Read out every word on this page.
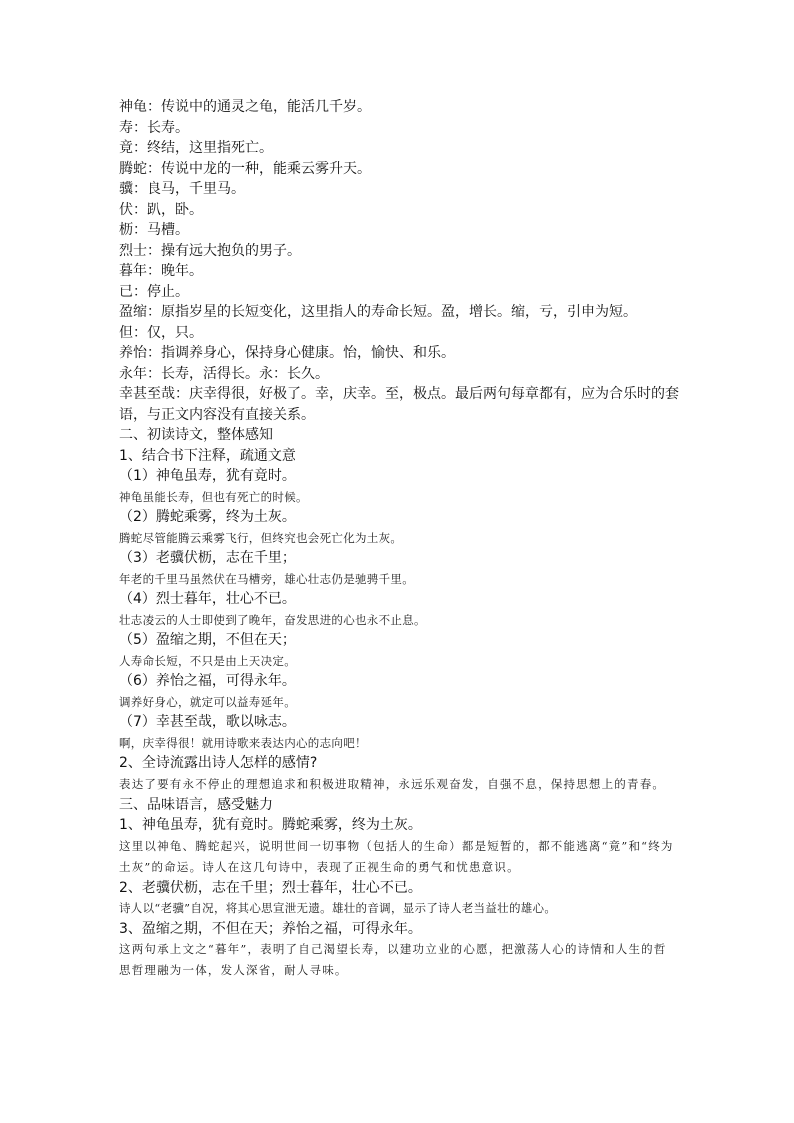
神龟：传说中的通灵之龟，能活几千岁。
寿：长寿。
竟：终结，这里指死亡。
腾蛇：传说中龙的一种，能乘云雾升天。
骥：良马，千里马。
伏：趴，卧。
枥：马槽。
烈士：操有远大抱负的男子。
暮年：晚年。
已：停止。
盈缩：原指岁星的长短变化，这里指人的寿命长短。盈，增长。缩，亏，引申为短。
但：仅，只。
养怡：指调养身心，保持身心健康。怡，愉快、和乐。
永年：长寿，活得长。永：长久。
幸甚至哉：庆幸得很，好极了。幸，庆幸。至，极点。最后两句每章都有，应为合乐时的套语，与正文内容没有直接关系。
二、初读诗文，整体感知
1、结合书下注释，疏通文意
（1）神龟虽寿，犹有竟时。
神龟虽能长寿，但也有死亡的时候。
（2）腾蛇乘雾，终为土灰。
腾蛇尽管能腾云乘雾飞行，但终究也会死亡化为土灰。
（3）老骥伏枥，志在千里；
年老的千里马虽然伏在马槽旁，雄心壮志仍是驰骋千里。
（4）烈士暮年，壮心不已。
壮志凌云的人士即使到了晚年，奋发思进的心也永不止息。
（5）盈缩之期，不但在天；
人寿命长短，不只是由上天决定。
（6）养怡之福，可得永年。
调养好身心，就定可以益寿延年。
（7）幸甚至哉，歌以咏志。
啊，庆幸得很！就用诗歌来表达内心的志向吧！
2、全诗流露出诗人怎样的感情?
表达了要有永不停止的理想追求和积极进取精神，永远乐观奋发，自强不息，保持思想上的青春。
三、品味语言，感受魅力
1、神龟虽寿，犹有竟时。腾蛇乘雾，终为土灰。
这里以神龟、腾蛇起兴，说明世间一切事物（包括人的生命）都是短暂的，都不能逃离“竟”和“终为土灰”的命运。诗人在这几句诗中，表现了正视生命的勇气和忧患意识。
2、老骥伏枥，志在千里；烈士暮年，壮心不已。
诗人以“老骥”自况，将其心思宣泄无遗。雄壮的音调，显示了诗人老当益壮的雄心。
3、盈缩之期，不但在天；养怡之福，可得永年。
这两句承上文之“暮年”，表明了自己渴望长寿，以建功立业的心愿，把激荡人心的诗情和人生的哲思哲理融为一体，发人深省，耐人寻味。
